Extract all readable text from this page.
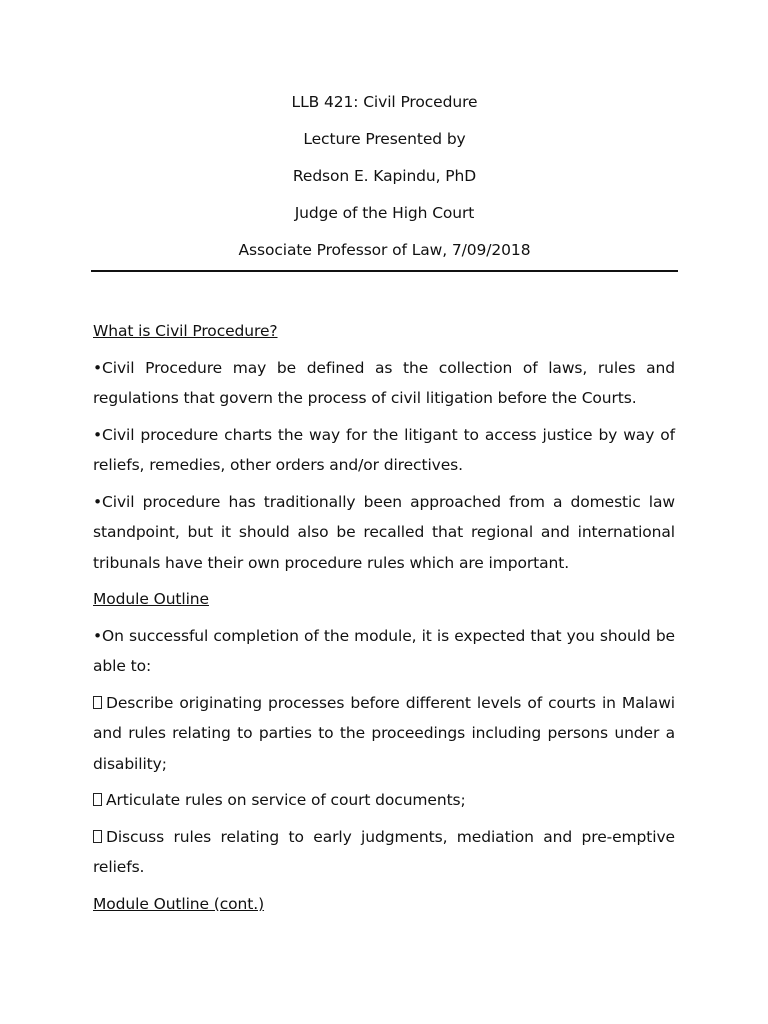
LLB 421: Civil Procedure
Lecture Presented by
Redson E. Kapindu, PhD
Judge of the High Court
Associate Professor of Law, 7/09/2018
What is Civil Procedure?
•Civil Procedure may be defined as the collection of laws, rules and regulations that govern the process of civil litigation before the Courts.
•Civil procedure charts the way for the litigant to access justice by way of reliefs, remedies, other orders and/or directives.
•Civil procedure has traditionally been approached from a domestic law standpoint, but it should also be recalled that regional and international tribunals have their own procedure rules which are important.
Module Outline
•On successful completion of the module, it is expected that you should be able to:
Describe originating processes before different levels of courts in Malawi and rules relating to parties to the proceedings including persons under a disability;
Articulate rules on service of court documents;
Discuss rules relating to early judgments, mediation and pre-emptive reliefs.
Module Outline (cont.)
